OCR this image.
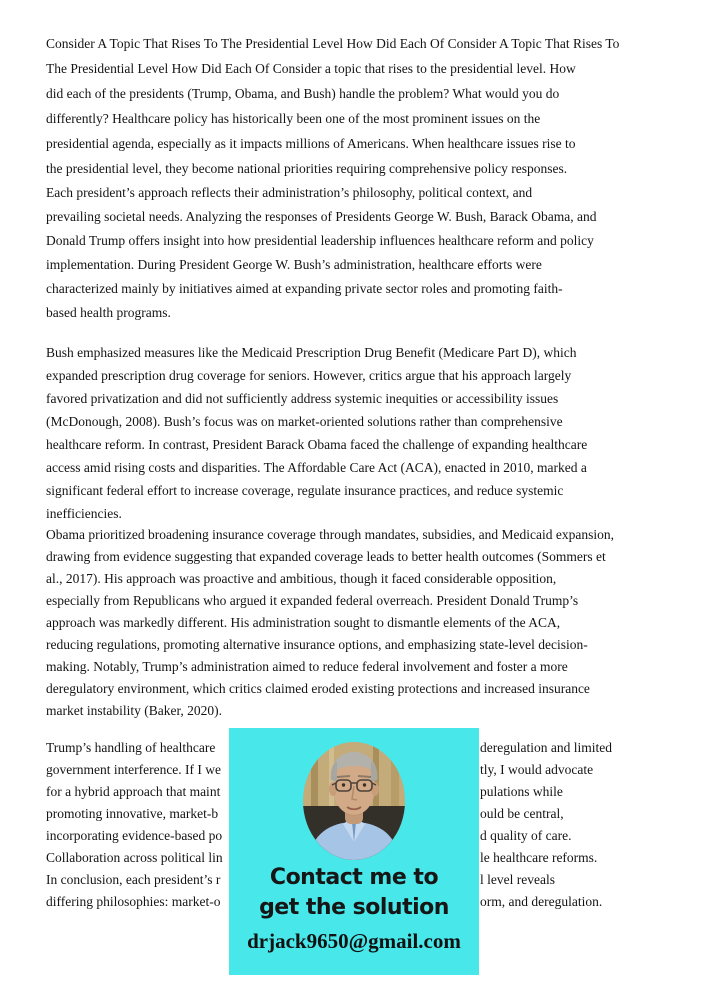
Consider A Topic That Rises To The Presidential Level How Did Each Of Consider A Topic That Rises To
The Presidential Level How Did Each Of Consider a topic that rises to the presidential level. How
did each of the presidents (Trump, Obama, and Bush) handle the problem? What would you do
differently? Healthcare policy has historically been one of the most prominent issues on the
presidential agenda, especially as it impacts millions of Americans. When healthcare issues rise to
the presidential level, they become national priorities requiring comprehensive policy responses.
Each president’s approach reflects their administration’s philosophy, political context, and
prevailing societal needs. Analyzing the responses of Presidents George W. Bush, Barack Obama, and
Donald Trump offers insight into how presidential leadership influences healthcare reform and policy
implementation. During President George W. Bush’s administration, healthcare efforts were
characterized mainly by initiatives aimed at expanding private sector roles and promoting faith-
based health programs.
Bush emphasized measures like the Medicaid Prescription Drug Benefit (Medicare Part D), which
expanded prescription drug coverage for seniors. However, critics argue that his approach largely
favored privatization and did not sufficiently address systemic inequities or accessibility issues
(McDonough, 2008). Bush’s focus was on market-oriented solutions rather than comprehensive
healthcare reform. In contrast, President Barack Obama faced the challenge of expanding healthcare
access amid rising costs and disparities. The Affordable Care Act (ACA), enacted in 2010, marked a
significant federal effort to increase coverage, regulate insurance practices, and reduce systemic
inefficiencies.
Obama prioritized broadening insurance coverage through mandates, subsidies, and Medicaid expansion,
drawing from evidence suggesting that expanded coverage leads to better health outcomes (Sommers et
al., 2017). His approach was proactive and ambitious, though it faced considerable opposition,
especially from Republicans who argued it expanded federal overreach. President Donald Trump’s
approach was markedly different. His administration sought to dismantle elements of the ACA,
reducing regulations, promoting alternative insurance options, and emphasizing state-level decision-
making. Notably, Trump’s administration aimed to reduce federal involvement and foster a more
deregulatory environment, which critics claimed eroded existing protections and increased insurance
market instability (Baker, 2020).
Trump’s handling of healthcare	deregulation and limited
government interference. If I we	tly, I would advocate
for a hybrid approach that maint	pulations while
promoting innovative, market-b	ould be central,
incorporating evidence-based po	d quality of care.
Collaboration across political lin	le healthcare reforms.
In conclusion, each president’s r	l level reveals
differing philosophies: market-o	orm, and deregulation.
Contact me to
get the solution
drjack9650@gmail.com
